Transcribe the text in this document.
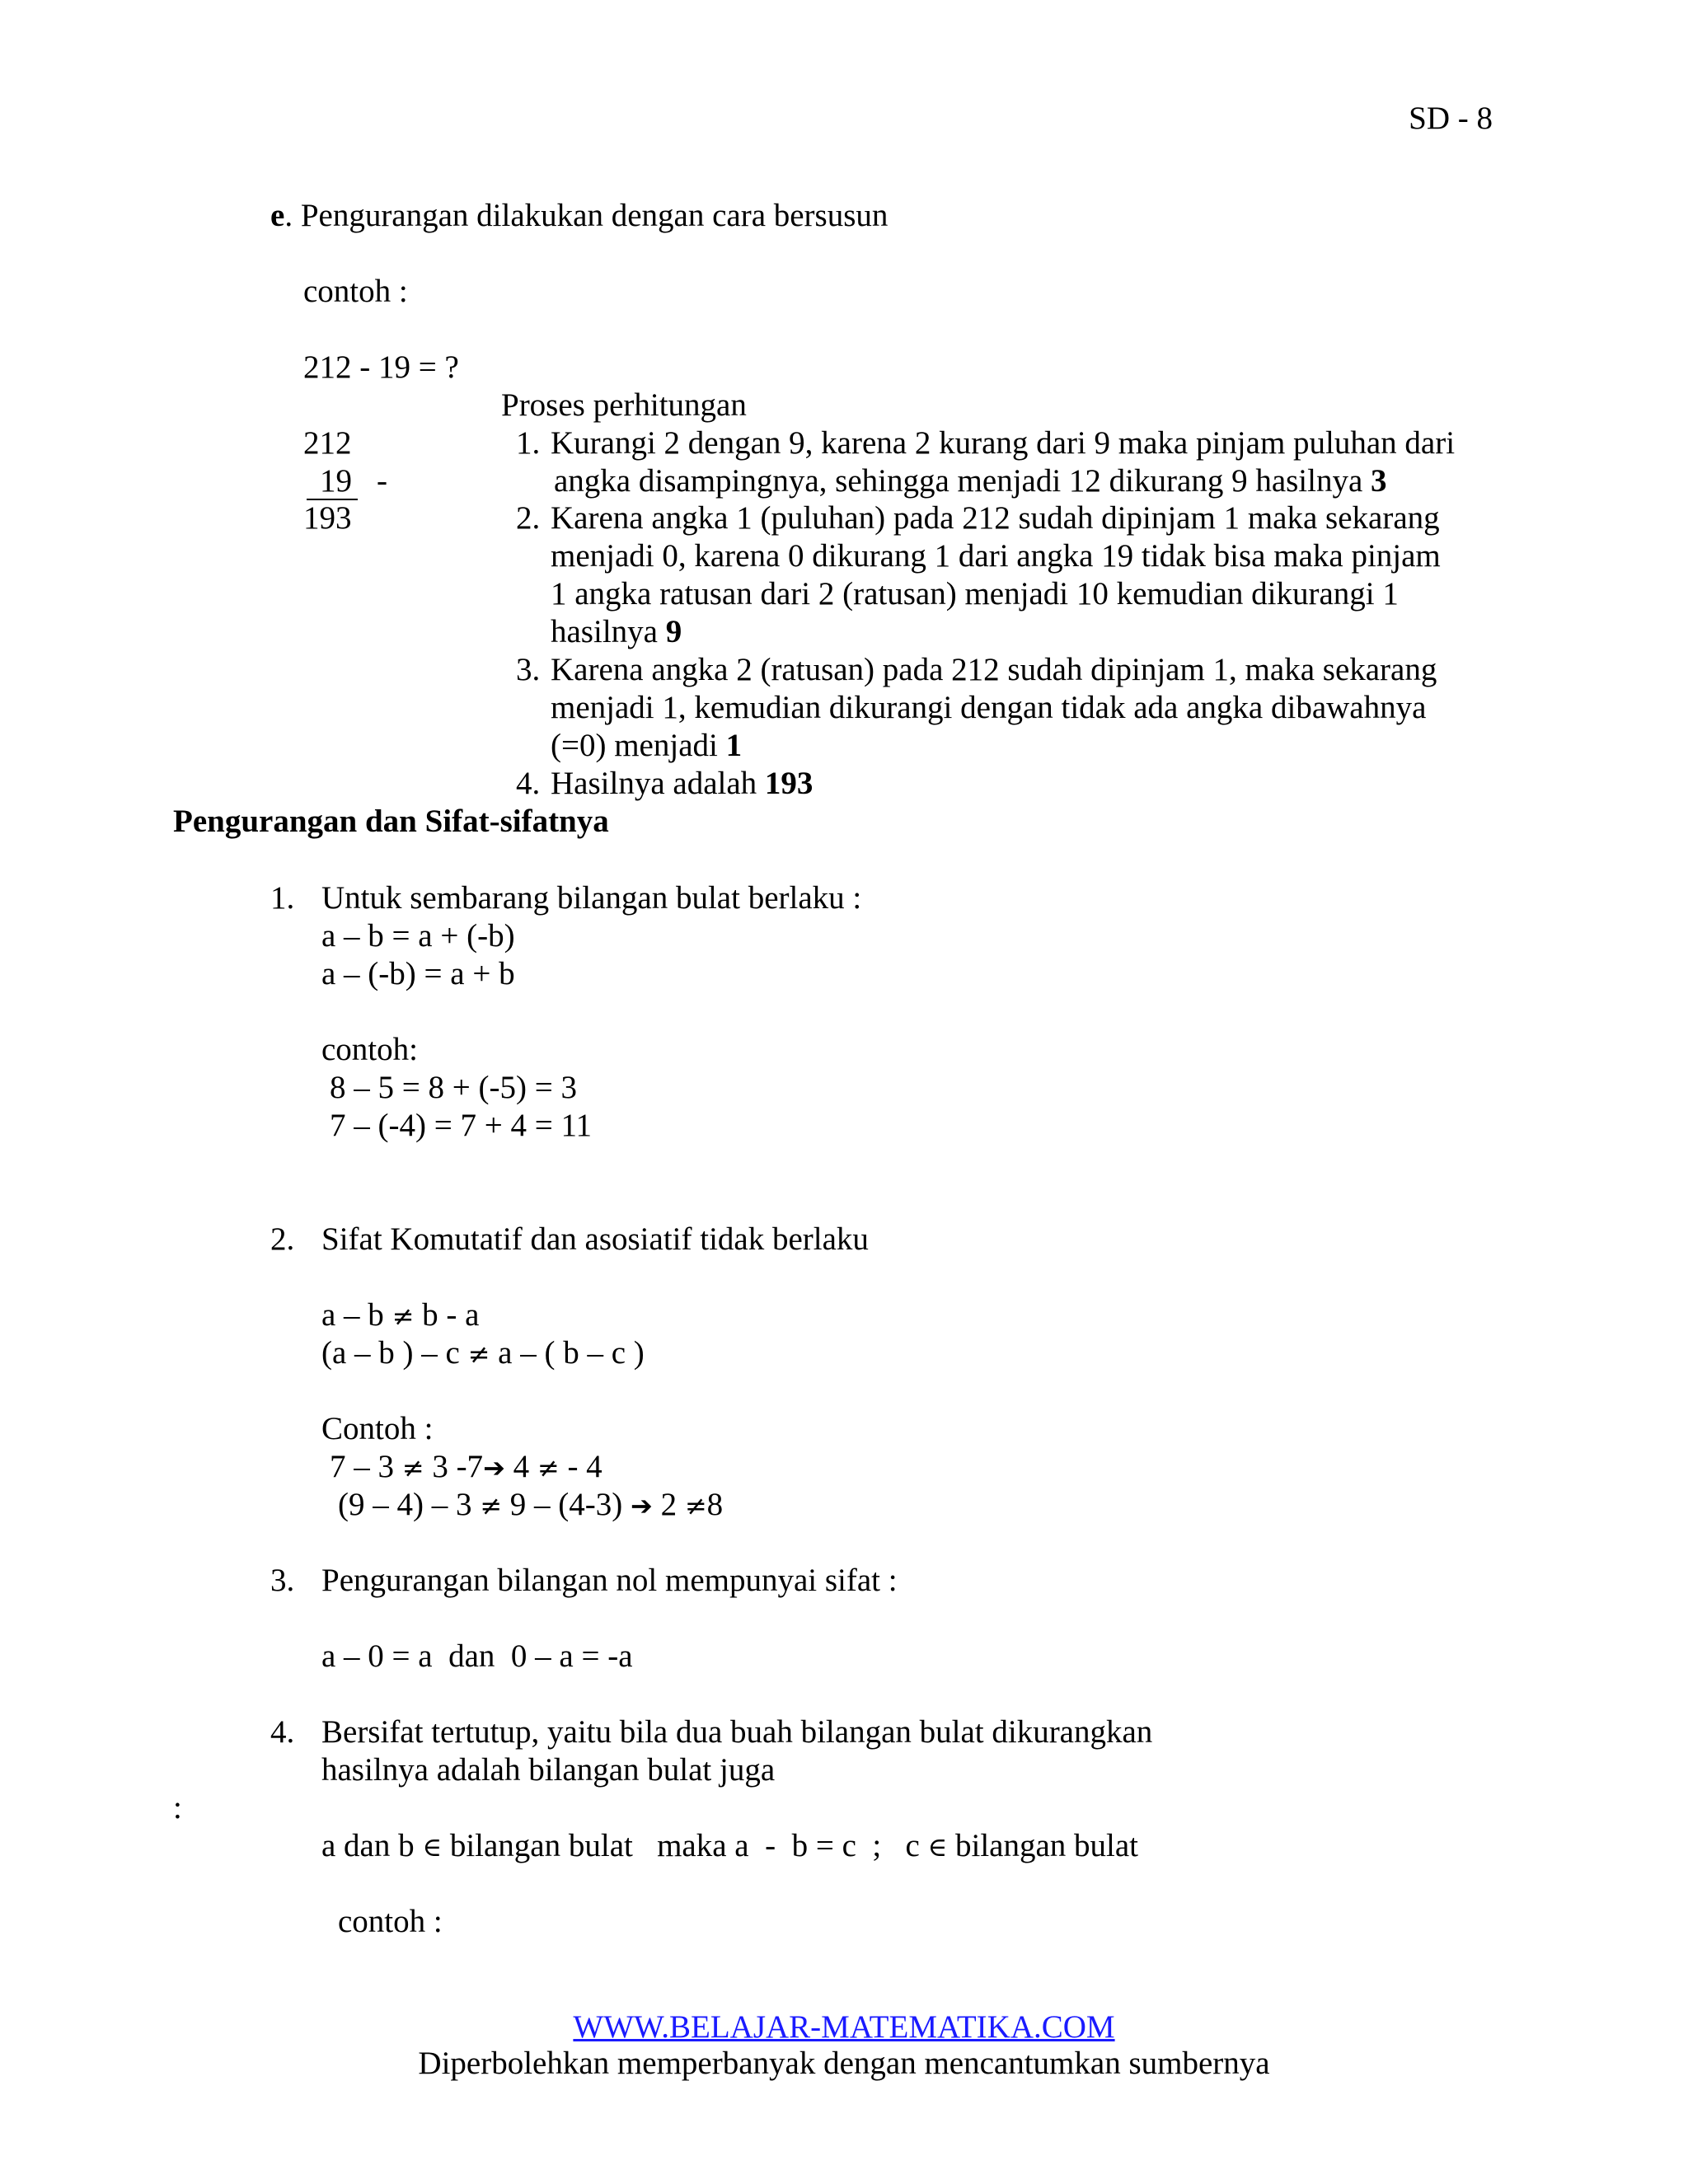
SD - 8
e. Pengurangan dilakukan dengan cara bersusun
contoh :
212 - 19 = ?
212
19 -
193
Proses perhitungan
1. Kurangi 2 dengan 9, karena 2 kurang dari 9 maka pinjam puluhan dari
angka disampingnya, sehingga menjadi 12 dikurang 9 hasilnya 3
2. Karena angka 1 (puluhan) pada 212 sudah dipinjam 1 maka sekarang
menjadi 0, karena 0 dikurang 1 dari angka 19 tidak bisa maka pinjam
1 angka ratusan dari 2 (ratusan) menjadi 10 kemudian dikurangi 1
hasilnya 9
3. Karena angka 2 (ratusan) pada 212 sudah dipinjam 1, maka sekarang
menjadi 1, kemudian dikurangi dengan tidak ada angka dibawahnya
(=0) menjadi 1
4. Hasilnya adalah 193
Pengurangan dan Sifat-sifatnya
1. Untuk sembarang bilangan bulat berlaku :
a – b = a + (-b)
a – (-b) = a + b
contoh:
8 – 5 = 8 + (-5) = 3
7 – (-4) = 7 + 4 = 11
2. Sifat Komutatif dan asosiatif tidak berlaku
a – b ≠ b - a
(a – b ) – c ≠ a – ( b – c )
Contoh :
7 – 3 ≠ 3 -7➔ 4 ≠ - 4
(9 – 4) – 3 ≠ 9 – (4-3) ➔ 2 ≠8
3. Pengurangan bilangan nol mempunyai sifat :
a – 0 = a  dan  0 – a = -a
4. Bersifat tertutup, yaitu bila dua buah bilangan bulat dikurangkan
hasilnya adalah bilangan bulat juga
:
a dan b ∈ bilangan bulat   maka a  -  b = c  ;   c ∈ bilangan bulat
contoh :
WWW.BELAJAR-MATEMATIKA.COM
Diperbolehkan memperbanyak dengan mencantumkan sumbernya
